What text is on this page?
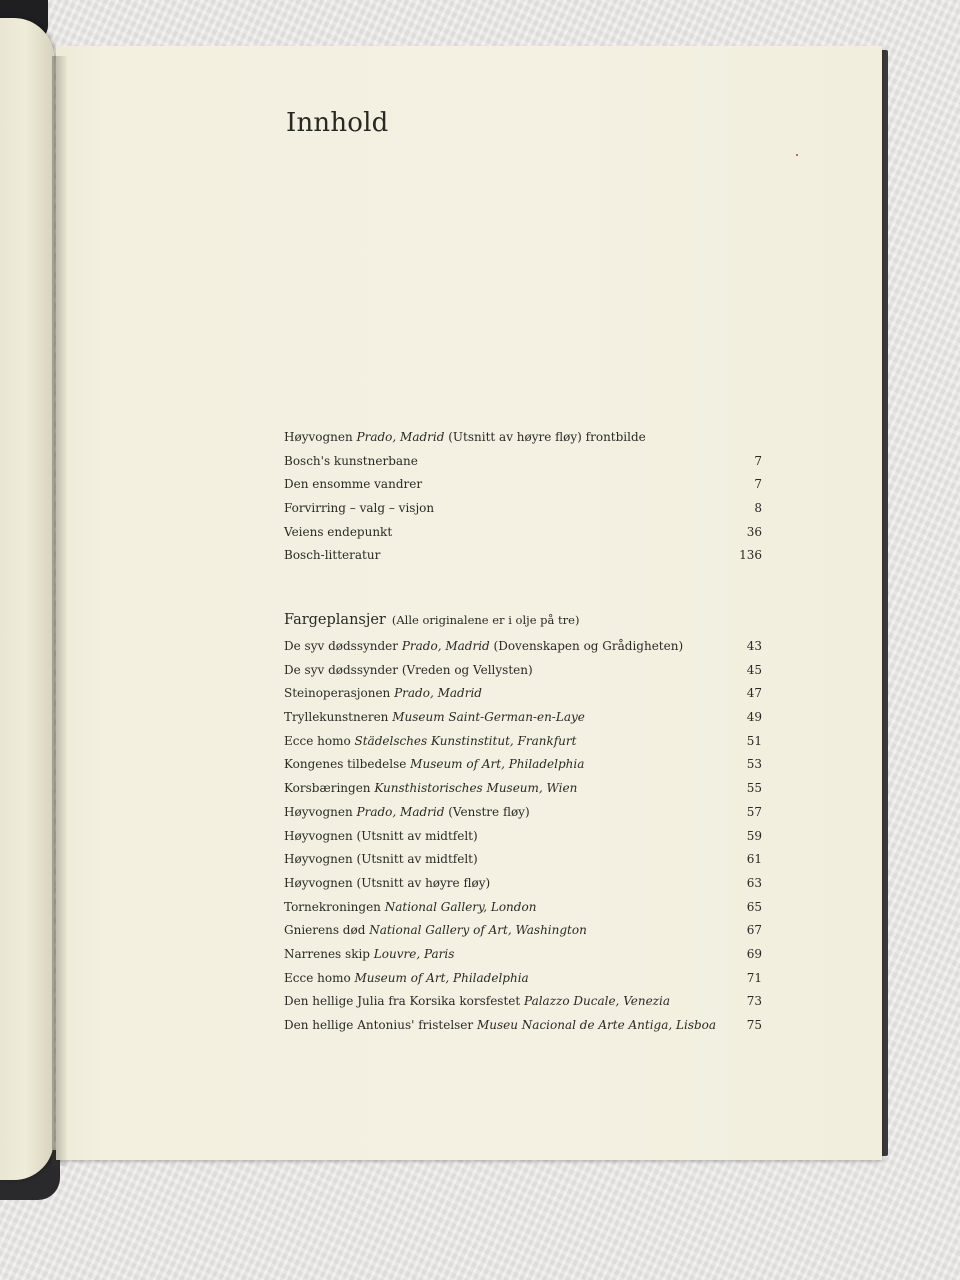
Innhold
Høyvognen Prado, Madrid (Utsnitt av høyre fløy) frontbilde
Bosch's kunstnerbane	7
Den ensomme vandrer	7
Forvirring – valg – visjon	8
Veiens endepunkt	36
Bosch-litteratur	136
Fargeplansjer (Alle originalene er i olje på tre)
De syv dødssynder Prado, Madrid (Dovenskapen og Grådigheten)	43
De syv dødssynder (Vreden og Vellysten)	45
Steinoperasjonen Prado, Madrid	47
Tryllekunstneren Museum Saint-German-en-Laye	49
Ecce homo Städelsches Kunstinstitut, Frankfurt	51
Kongenes tilbedelse Museum of Art, Philadelphia	53
Korsbæringen Kunsthistorisches Museum, Wien	55
Høyvognen Prado, Madrid (Venstre fløy)	57
Høyvognen (Utsnitt av midtfelt)	59
Høyvognen (Utsnitt av midtfelt)	61
Høyvognen (Utsnitt av høyre fløy)	63
Tornekroningen National Gallery, London	65
Gnierens død National Gallery of Art, Washington	67
Narrenes skip Louvre, Paris	69
Ecce homo Museum of Art, Philadelphia	71
Den hellige Julia fra Korsika korsfestet Palazzo Ducale, Venezia	73
Den hellige Antonius' fristelser Museu Nacional de Arte Antiga, Lisboa	75
